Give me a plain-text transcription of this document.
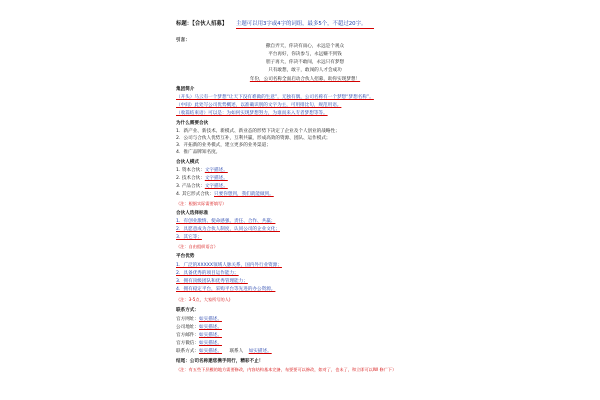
标题：【合伙人招募】 主题可以用3字或4字的词组，最多5个，不超过20字。
引言：
撒自弄天，你决有雨心，永远是个观众
平台再好，你决参与，永远赚不到钱
胆子再大，你决不敢闯，永远只有梦想
只有敢想，敢干，敢闯的人才会成功
年份，公司名称全面启动合伙人招募，助你实现梦想！
集团简介
（开头）马云有一个梦想“让天下没有难做的生意”，无独有偶，公司名称有一个梦想“梦想名称”。
（中间）此处写公司优势概述，以准确识别的文字为主，可用排比句，规范用语。
（收篇结束语）可以是：为如何实现梦想努力，为谁而来入专者梦想等等。
为什么需要合伙
1．新产业、新技术、新模式、新业态的形势下决定了企业及个人创业的战略性；
2．公司与合伙人优势互补，互利共赢，形成高效的资源、团队、运作模式；
3．开拓新的业务模式，建立更多的业务渠道；
4．推广品牌知名度。
合伙人模式
1. 资本合伙：文字描述。
2. 技术合伙：文字描述。
3. 产品合伙：文字描述。
4. 其它形式合伙：只要你想到，我们就能做到。
（注：根据实际需要填写）
合伙人选择标准
1．有创业激情、使命感强、责任、合作、共赢；
2．具愿意成为合伙人制度，认同公司的企业文化；
3．其它等；
（注：自由组织语言）
平台优势
1．广泛的XXXXX领域人脉关系，国内外行业资源；
2．具备优秀的项目运作能力；
3．拥有顶级团队和优秀管理能力；
4．拥有稳定平台，采购平台等先进的办公资源。
（注：3-5点，大家所写的人)
联系方式：
官方网址：如实描述。
公司地址：如实描述。
官方邮件：如实描述。
官方微信：如实描述。
联系方式：如实描述。 联系人 如实描述。
结尾：公司名称邀您携手同行，精彩不止！
（注：有五些下层模的地方需要修改，内容结构基本完备，布要要可以修改，如对了，也未了，和立即可以IW 修广下）
